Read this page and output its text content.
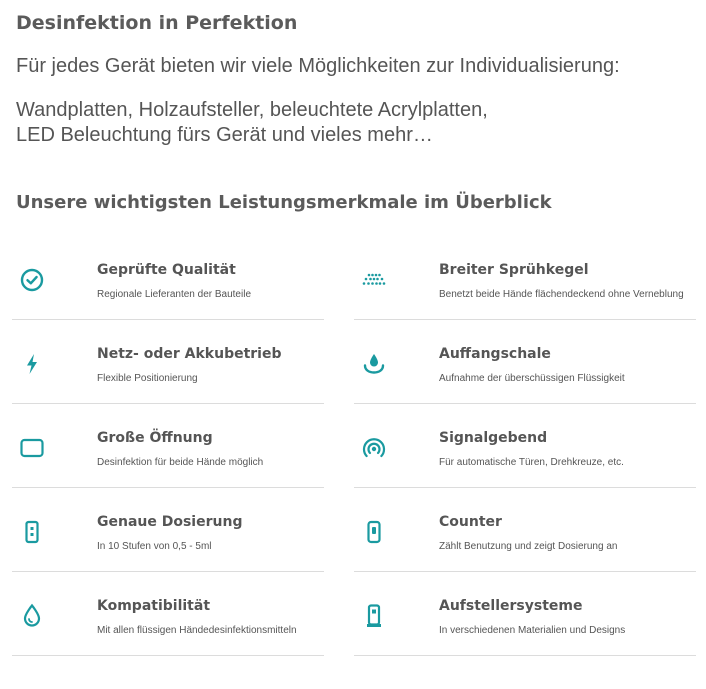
Desinfektion in Perfektion

Für jedes Gerät bieten wir viele Möglichkeiten zur Individualisierung:

Wandplatten, Holzaufsteller, beleuchtete Acrylplatten,

LED Beleuchtung fürs Gerät und vieles mehr…

Unsere wichtigsten Leistungsmerkmale im Überblick
Geprüfte Qualität
Regionale Lieferanten der Bauteile
Breiter Sprühkegel
Benetzt beide Hände flächendeckend ohne Verneblung
Netz- oder Akkubetrieb
Flexible Positionierung
Auffangschale
Aufnahme der überschüssigen Flüssigkeit
Große Öffnung
Desinfektion für beide Hände möglich
Signalgebend
Für automatische Türen, Drehkreuze, etc.
Genaue Dosierung
In 10 Stufen von 0,5 - 5ml
Counter
Zählt Benutzung und zeigt Dosierung an
Kompatibilität
Mit allen flüssigen Händedesinfektionsmitteln
Aufstellersysteme
In verschiedenen Materialien und Designs
